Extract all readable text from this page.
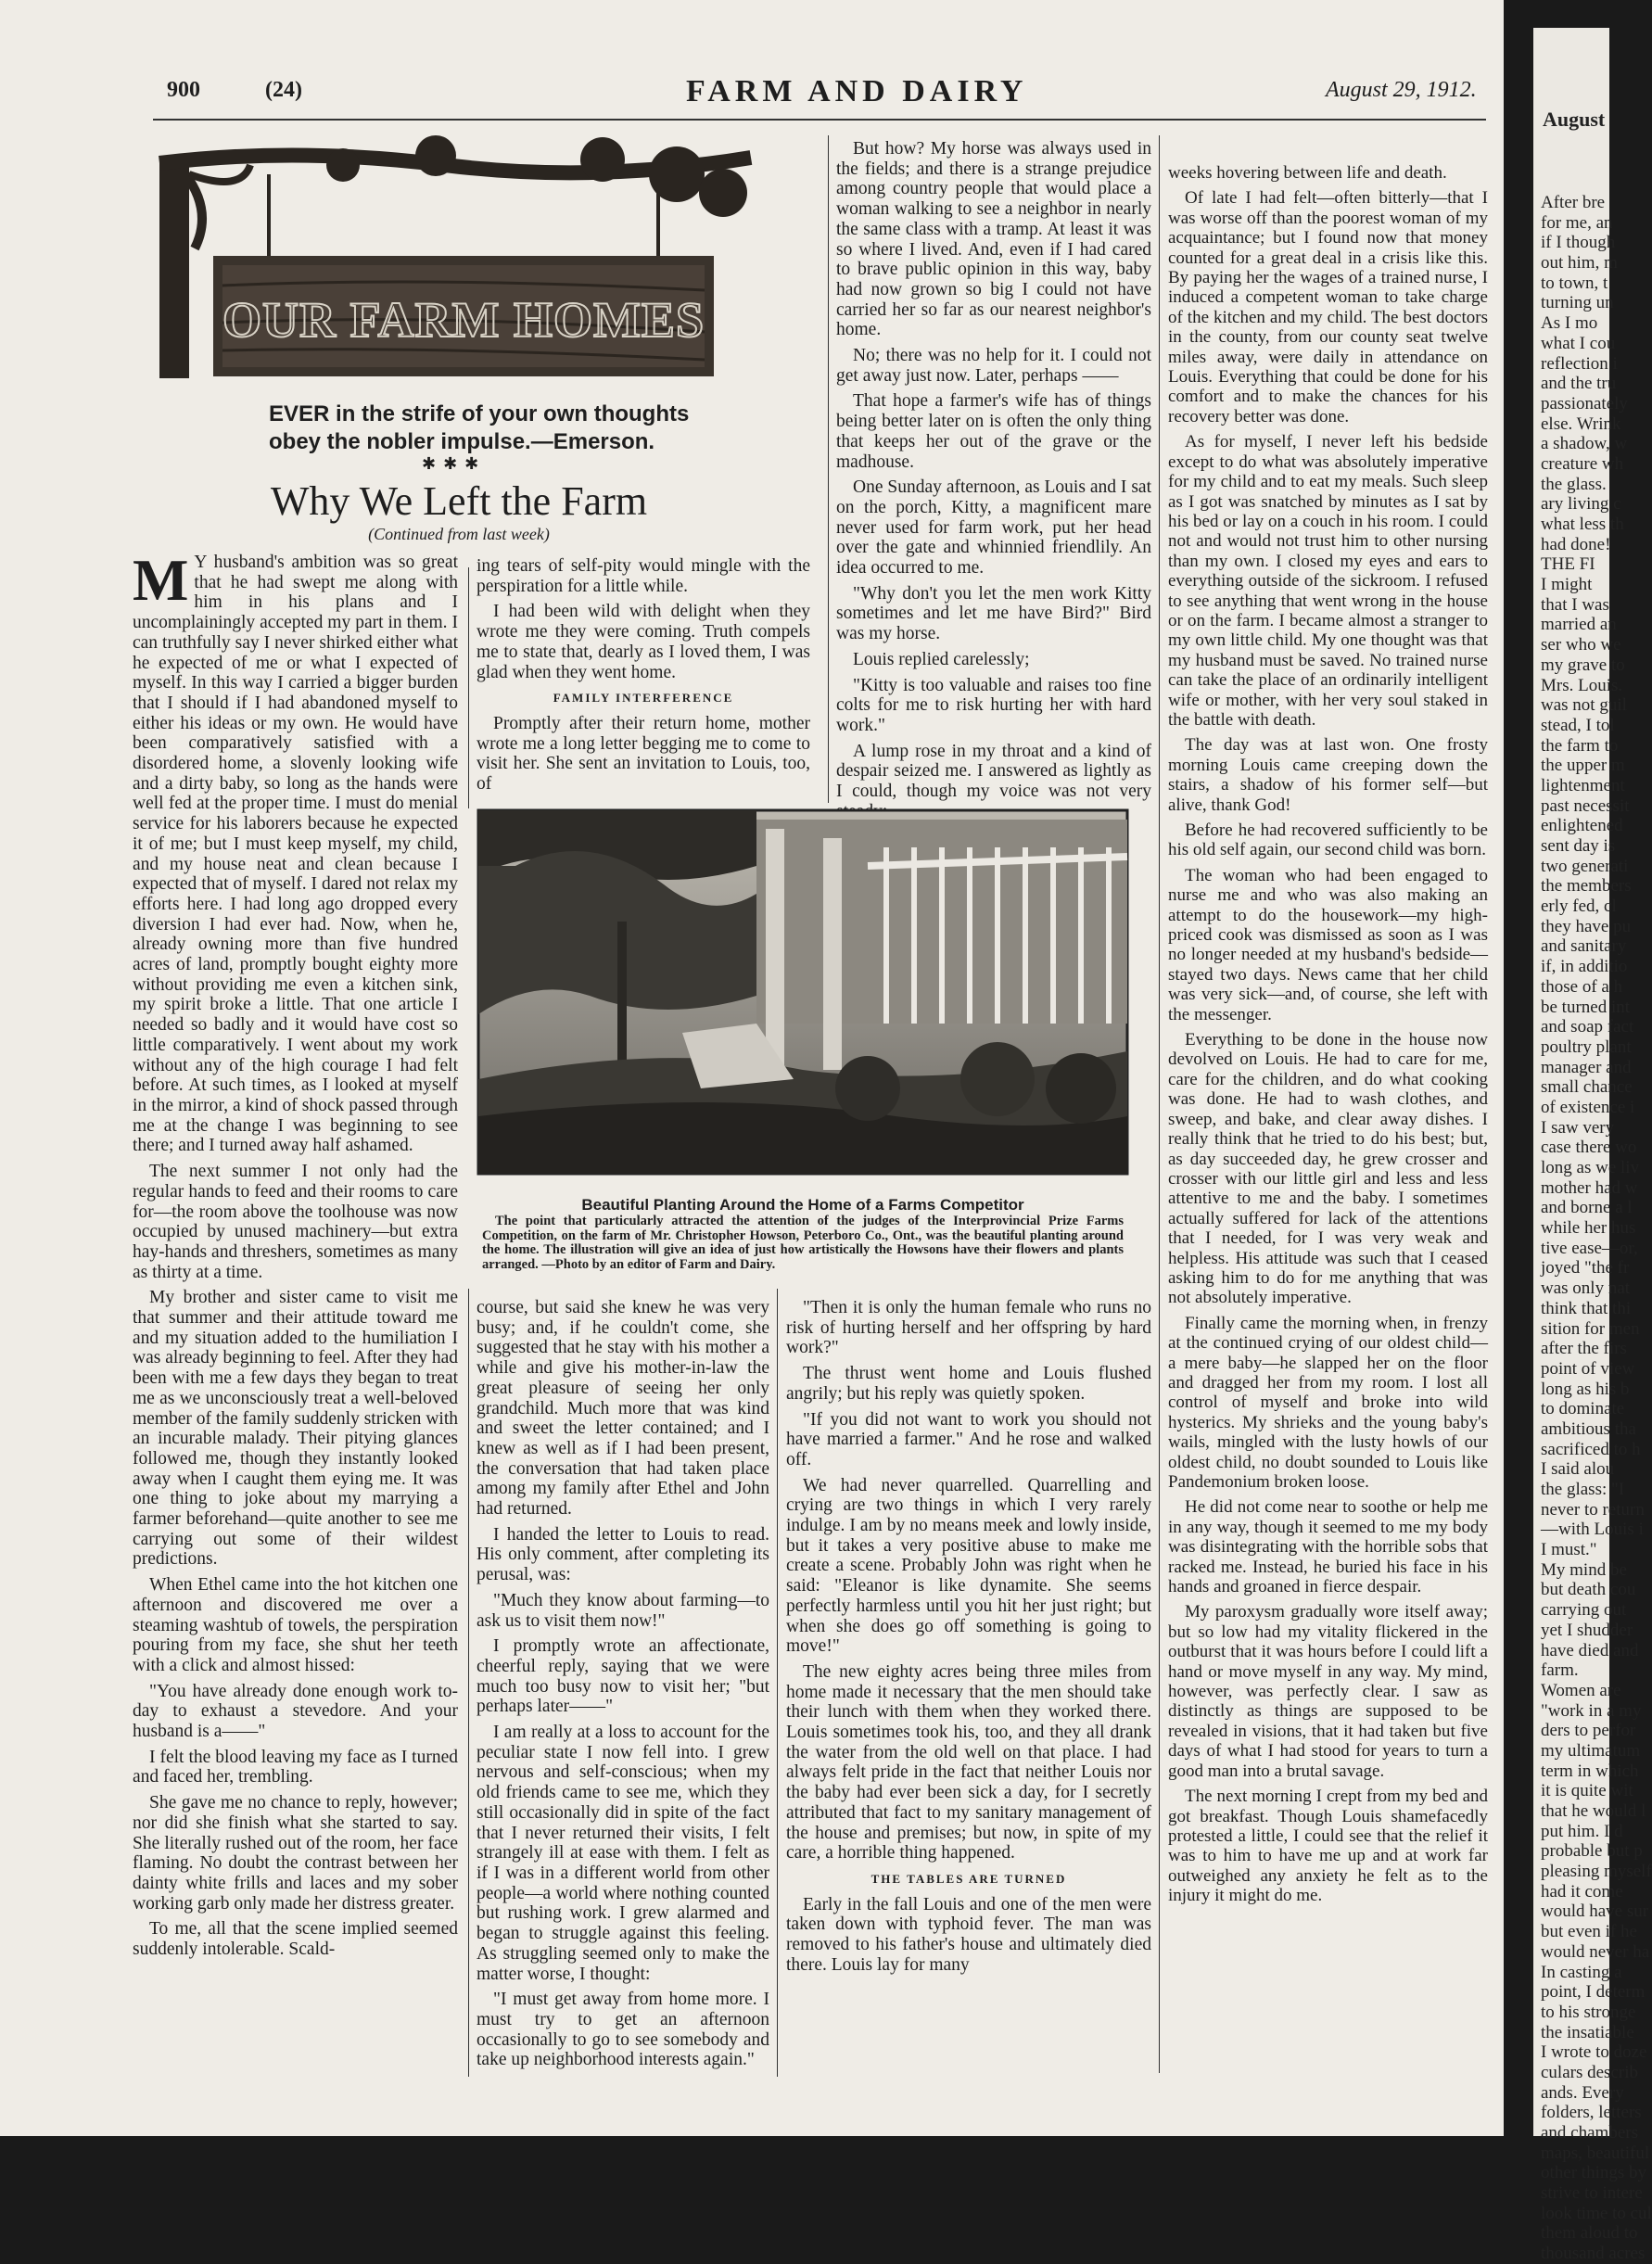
900	(24)	FARM AND DAIRY	August 29, 1912.
OUR FARM HOMES
EVER in the strife of your own thoughts obey the nobler impulse.—Emerson.
✱✱✱
Why We Left the Farm
(Continued from last week)

M Y husband's ambition was so great that he had swept me along with him in his plans and I uncomplainingly accepted my part in them. I can truthfully say I never shirked either what he expected of me or what I expected of myself. In this way I carried a bigger burden that I should if I had abandoned myself to either his ideas or my own. He would have been comparatively satisfied with a disordered home, a slovenly looking wife and a dirty baby, so long as the hands were well fed at the proper time. I must do menial service for his laborers because he expected it of me; but I must keep myself, my child, and my house neat and clean because I expected that of myself. I dared not relax my efforts here. I had long ago dropped every diversion I had ever had. Now, when he, already owning more than five hundred acres of land, promptly bought eighty more without providing me even a kitchen sink, my spirit broke a little. That one article I needed so badly and it would have cost so little comparatively. I went about my work without any of the high courage I had felt before. At such times, as I looked at myself in the mirror, a kind of shock passed through me at the change I was beginning to see there; and I turned away half ashamed.

The next summer I not only had the regular hands to feed and their rooms to care for—the room above the toolhouse was now occupied by unused machinery—but extra hay-hands and threshers, sometimes as many as thirty at a time.

My brother and sister came to visit me that summer and their attitude toward me and my situation added to the humiliation I was already beginning to feel. After they had been with me a few days they began to treat me as we unconsciously treat a well-beloved member of the family suddenly stricken with an incurable malady. Their pitying glances followed me, though they instantly looked away when I caught them eying me. It was one thing to joke about my marrying a farmer beforehand—quite another to see me carrying out some of their wildest predictions.

When Ethel came into the hot kitchen one afternoon and discovered me over a steaming washtub of towels, the perspiration pouring from my face, she shut her teeth with a click and almost hissed:

"You have already done enough work to-day to exhaust a stevedore. And your husband is a——"

I felt the blood leaving my face as I turned and faced her, trembling.

She gave me no chance to reply, however; nor did she finish what she started to say. She literally rushed out of the room, her face flaming. No doubt the contrast between her dainty white frills and laces and my sober working garb only made her distress greater.

To me, all that the scene implied seemed suddenly intolerable. Scald-

ing tears of self-pity would mingle with the perspiration for a little while.

I had been wild with delight when they wrote me they were coming. Truth compels me to state that, dearly as I loved them, I was glad when they went home.

FAMILY INTERFERENCE

Promptly after their return home, mother wrote me a long letter begging me to come to visit her. She sent an invitation to Louis, too, of

But how? My horse was always used in the fields; and there is a strange prejudice among country people that would place a woman walking to see a neighbor in nearly the same class with a tramp. At least it was so where I lived. And, even if I had cared to brave public opinion in this way, baby had now grown so big I could not have carried her so far as our nearest neighbor's home.

No; there was no help for it. I could not get away just now. Later, perhaps ——

That hope a farmer's wife has of things being better later on is often the only thing that keeps her out of the grave or the madhouse.

One Sunday afternoon, as Louis and I sat on the porch, Kitty, a magnificent mare never used for farm work, put her head over the gate and whinnied friendlily. An idea occurred to me.

"Why don't you let the men work Kitty sometimes and let me have Bird?" Bird was my horse.

Louis replied carelessly;

"Kitty is too valuable and raises too fine colts for me to risk hurting her with hard work."

A lump rose in my throat and a kind of despair seized me. I answered as lightly as I could, though my voice was not very

Beautiful Planting Around the Home of a Farms Competitor
The point that particularly attracted the attention of the judges of the Interprovincial Prize Farms Competition, on the farm of Mr. Christopher Howson, Peterboro Co., Ont., was the beautiful planting around the home. The illustration will give an idea of just how artistically the Howsons have their flowers and plants arranged. —Photo by an editor of Farm and Dairy.

course, but said she knew he was very busy; and, if he couldn't come, she suggested that he stay with his mother a while and give his mother-in-law the great pleasure of seeing her only grandchild. Much more that was kind and sweet the letter contained; and I knew as well as if I had been present, the conversation that had taken place among my family after Ethel and John had returned.

I handed the letter to Louis to read. His only comment, after completing its perusal, was:

"Much they know about farming—to ask us to visit them now!"

I promptly wrote an affectionate, cheerful reply, saying that we were much too busy now to visit her; "but perhaps later——"

I am really at a loss to account for the peculiar state I now fell into. I grew nervous and self-conscious; when my old friends came to see me, which they still occasionally did in spite of the fact that I never returned their visits, I felt strangely ill at ease with them. I felt as if I was in a different world from other people—a world where nothing counted but rushing work. I grew alarmed and began to struggle against this feeling. As struggling seemed only to make the matter worse, I thought:

"I must get away from home more. I must try to get an afternoon occasionally to go to see somebody and take up neighborhood interests again."

"Then it is only the human female who runs no risk of hurting herself and her offspring by hard work?"

The thrust went home and Louis flushed angrily; but his reply was quietly spoken.

"If you did not want to work you should not have married a farmer." And he rose and walked off.

We had never quarrelled. Quarrelling and crying are two things in which I very rarely indulge. I am by no means meek and lowly inside, but it takes a very positive abuse to make me create a scene. Probably John was right when he said: "Eleanor is like dynamite. She seems perfectly harmless until you hit her just right; but when she does go off something is going to move!"

The new eighty acres being three miles from home made it necessary that the men should take their lunch with them when they worked there. Louis sometimes took his, too, and they all drank the water from the old well on that place. I had always felt pride in the fact that neither Louis nor the baby had ever been sick a day, for I secretly attributed that fact to my sanitary management of the house and premises; but now, in spite of my care, a horrible thing happened.

THE TABLES ARE TURNED

Early in the fall Louis and one of the men were taken down with typhoid fever. The man was removed to his father's house and ultimately died there. Louis lay for many

weeks hovering between life and death.

Of late I had felt—often bitterly—that I was worse off than the poorest woman of my acquaintance; but I found now that money counted for a great deal in a crisis like this. By paying her the wages of a trained nurse, I induced a competent woman to take charge of the kitchen and my child. The best doctors in the county, from our county seat twelve miles away, were daily in attendance on Louis. Everything that could be done for his comfort and to make the chances for his recovery better was done.

As for myself, I never left his bedside except to do what was absolutely imperative for my child and to eat my meals. Such sleep as I got was snatched by minutes as I sat by his bed or lay on a couch in his room. I could not and would not trust him to other nursing than my own. I closed my eyes and ears to everything outside of the sickroom. I refused to see anything that went wrong in the house or on the farm. I became almost a stranger to my own little child. My one thought was that my husband must be saved. No trained nurse can take the place of an ordinarily intelligent wife or mother, with her very soul staked in the battle with death.

The day was at last won. One frosty morning Louis came creeping down the stairs, a shadow of his former self—but alive, thank God!

Before he had recovered sufficiently to be his old self again, our second child was born.

The woman who had been engaged to nurse me and who was also making an attempt to do the housework—my high-priced cook was dismissed as soon as I was no longer needed at my husband's bedside—stayed two days. News came that her child was very sick—and, of course, she left with the messenger.

Everything to be done in the house now devolved on Louis. He had to care for me, care for the children, and do what cooking was done. He had to wash clothes, and sweep, and bake, and clear away dishes. I really think that he tried to do his best; but, as day succeeded day, he grew crosser and crosser with our little girl and less and less attentive to me and the baby. I sometimes actually suffered for lack of the attentions that I needed, for I was very weak and helpless. His attitude was such that I ceased asking him to do for me anything that was not absolutely imperative.

Finally came the morning when, in frenzy at the continued crying of our oldest child—a mere baby—he slapped her on the floor and dragged her from my room. I lost all control of myself and broke into wild hysterics. My shrieks and the young baby's wails, mingled with the lusty howls of our oldest child, no doubt sounded to Louis like Pandemonium broken loose.

He did not come near to soothe or help me in any way, though it seemed to me my body was disintegrating with the horrible sobs that racked me. Instead, he buried his face in his hands and groaned in fierce despair.

My paroxysm gradually wore itself away; but so low had my vitality flickered in the outburst that it was hours before I could lift a hand or move myself in any way. My mind, however, was perfectly clear. I saw as distinctly as things are supposed to be revealed in visions, that it had taken but five days of what I had stood for years to turn a good man into a brutal savage.

The next morning I crept from my bed and got breakfast. Though Louis shamefacedly protested a little, I could see that the relief it was to him to have me up and at work far outweighed any anxiety he felt as to the injury it might do me.

August
After bre
for me, an
if I though
out him, m
to town, t
turning un
As I mo
what I cou
reflection i
and the tru
passionately
else. Wrink
a shadow, w
creature wh
the glass.
ary living c
what less th
had done!
THE FI
I might
that I was
married an
ser who we
my grave to
Mrs. Louis.
was not guil
stead, I tol
the farm to
the upper m
lightenment
past necessit
enlightened
sent day is
two generati
the members
erly fed, cl
they have pu
and sanitary
if, in additio
those of a h
be turned int
and soap fact
poultry plant
manager and
small chance
of existence i
I saw very
case there wo
long as we liv
mother had w
and borne a l
while her hus
tive ease—or,
joyed "the fr
was only nat
think that thi
sition for men
after the firs
point of view
long as his b
to dominate
ambitious tha
sacrificed to h
I said alou
the glass: "I
never to return
—with Louis i
I must."
My mind be
but death cou
carrying out
yet I shudder
have died and
farm.
Women are
"work in a my
ders to perfor
my ultimatum
term in which
it is quite wit
that he would l
put him. I d
probable but p
pleasing myself
had it come
would have sur
but even if he
would never ha
In casting a
point, I determ
to his stronge
the insatiable
I wrote to doze
culars describ
ands. Every
folders, letters
and chambers
maps, beautiful
other things by
strive to intere
look time to cul
them aloud to
thousand acres
